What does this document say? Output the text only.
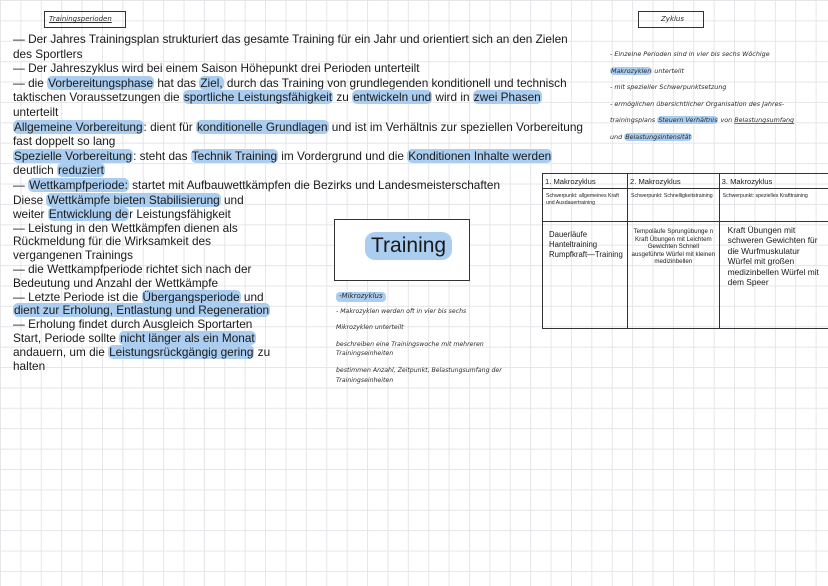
Trainingsperioden	Zyklus

— Der Jahres Trainingsplan strukturiert das gesamte Training für ein Jahr und orientiert sich an den Zielen des Sportlers

— Der Jahreszyklus wird bei einem Saison Höhepunkt drei Perioden unterteilt

— die Vorbereitungsphase hat das Ziel, durch das Training von grundlegenden konditionell und technisch taktischen Voraussetzungen die sportliche Leistungsfähigkeit zu entwickeln und wird in zwei Phasen unterteilt

Allgemeine Vorbereitung: dient für konditionelle Grundlagen und ist im Verhältnis zur speziellen Vorbereitung fast doppelt so lang

Spezielle Vorbereitung: steht das Technik Training im Vordergrund und die Konditionen Inhalte werden deutlich reduziert

— Wettkampfperiode: startet mit Aufbauwettkämpfen die Bezirks und Landesmeisterschaften

Diese Wettkämpfe bieten Stabilisierung und weiter Entwicklung der Leistungsfähigkeit

— Leistung in den Wettkämpfen dienen als Rückmeldung für die Wirksamkeit des vergangenen Trainings

— die Wettkampfperiode richtet sich nach der Bedeutung und Anzahl der Wettkämpfe

— Letzte Periode ist die Übergangsperiode und dient zur Erholung, Entlastung und Regeneration

— Erholung findet durch Ausgleich Sportarten Start, Periode sollte nicht länger als ein Monat andauern, um die Leistungsrückgängig gering zu halten

Training
-Mikrozyklus
- Makrozyklen werden oft in vier bis sechs
Mikrozyklen unterteilt
beschreiben eine Trainingswoche mit mehreren Trainingseinheiten
bestimmen Anzahl, Zeitpunkt, Belastungsumfang der Trainingseinheiten
- Einzelne Perioden sind in vier bis sechs Wöchige
Makrozyklen unterteilt
- mit spezieller Schwerpunktsetzung
- ermöglichen übersichtlicher Organisation des Jahres-
trainingsplans Steuern Verhältnis von Belastungsumfang
und Belastungsintensität
1. Makrozyklus	2. Makrozyklus	3. Makrozyklus
Schwerpunkt: allgemeines Kraft und Ausdauertraining	Schwerpunkt: Schnelligkeitstraining	Schwerpunkt: spezielles Krafttraining
Dauerläufe Hanteltraining Rumpfkraft—Training	Tempoläufe Sprungübunge n Kraft Übungen mit Leichtem Gewichten Schnell ausgeführte Würfel mit kleinen medizinbellen	Kraft Übungen mit schweren Gewichten für die Wurfmuskulatur Würfel mit großen medizinbellen Würfel mit dem Speer
